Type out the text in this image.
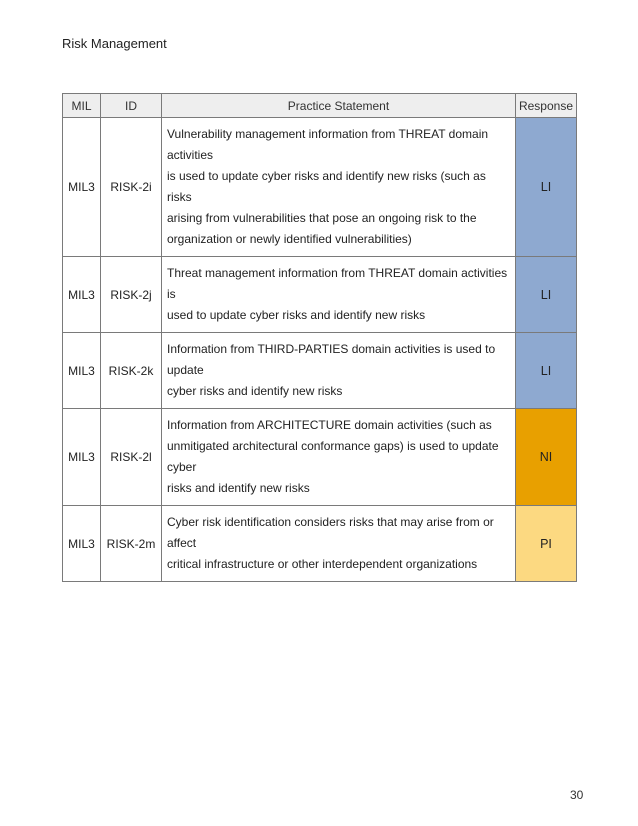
Risk Management
MIL	ID	Practice Statement	Response
MIL3	RISK-2i	Vulnerability management information from THREAT domain activities
is used to update cyber risks and identify new risks (such as risks
arising from vulnerabilities that pose an ongoing risk to the
organization or newly identified vulnerabilities)	LI
MIL3	RISK-2j	Threat management information from THREAT domain activities is
used to update cyber risks and identify new risks	LI
MIL3	RISK-2k	Information from THIRD-PARTIES domain activities is used to update
cyber risks and identify new risks	LI
MIL3	RISK-2l	Information from ARCHITECTURE domain activities (such as
unmitigated architectural conformance gaps) is used to update cyber
risks and identify new risks	NI
MIL3	RISK-2m	Cyber risk identification considers risks that may arise from or affect
critical infrastructure or other interdependent organizations	PI
30
